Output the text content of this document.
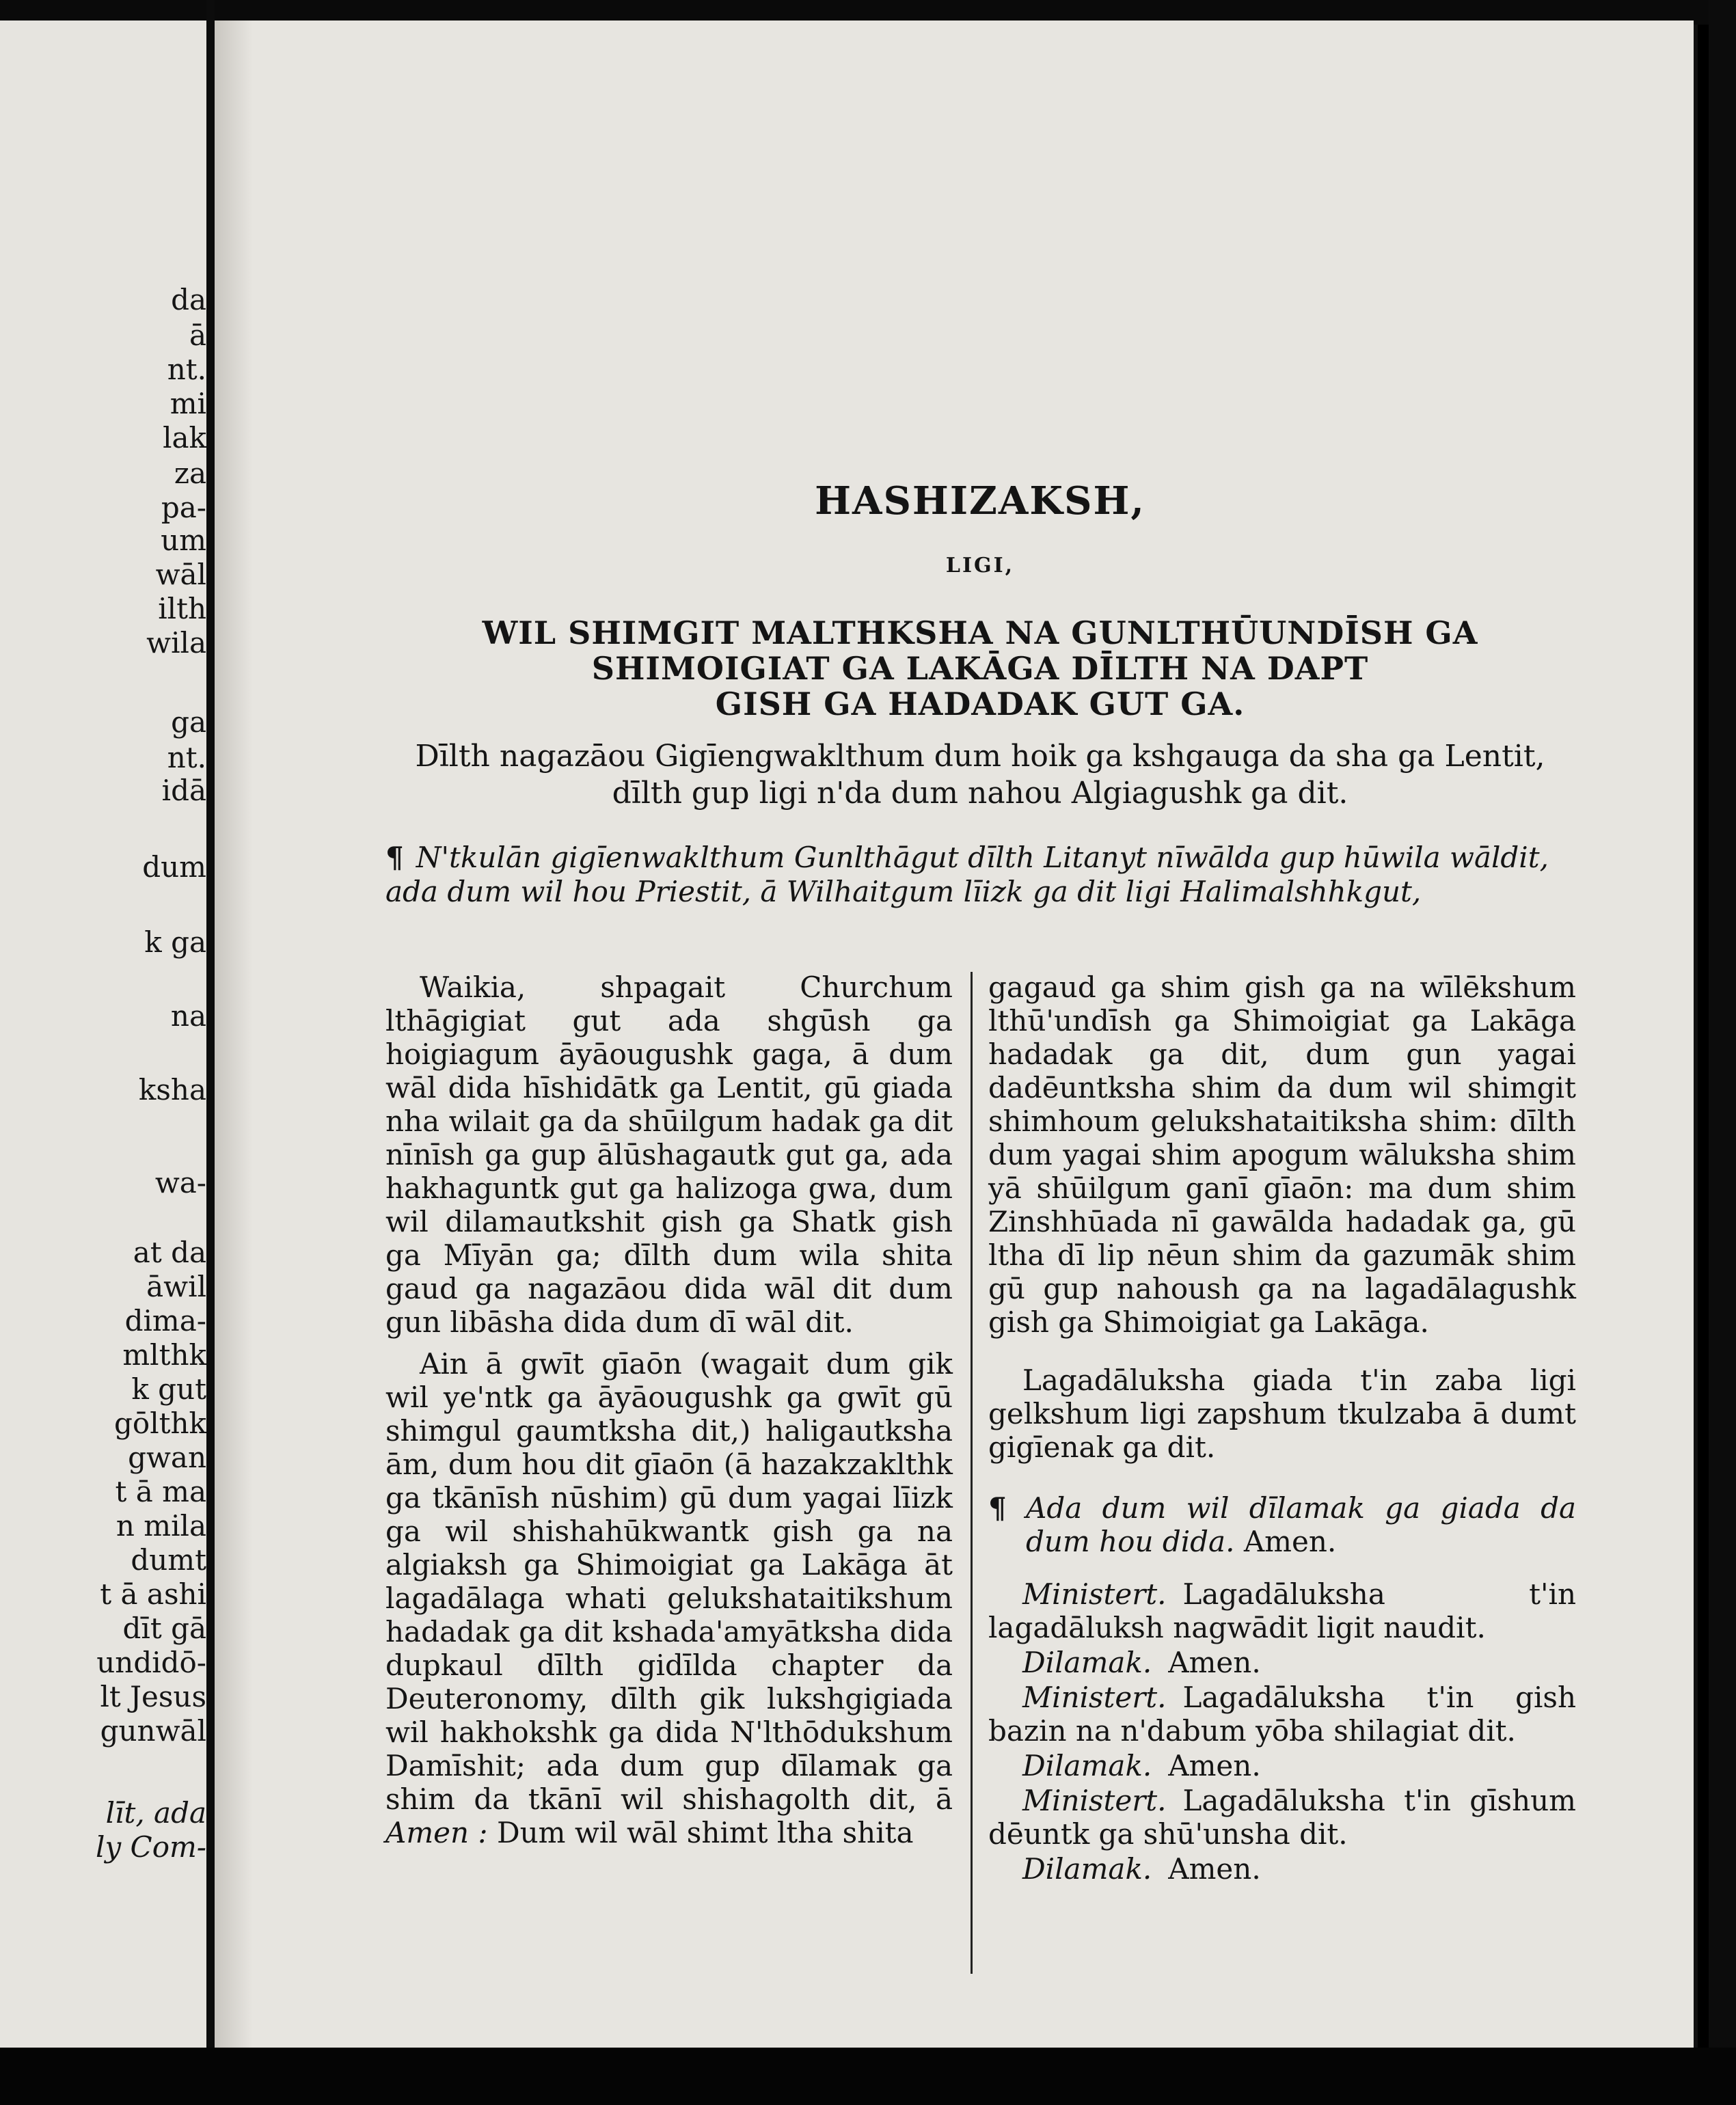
da
ā
nt.
mi
lak
za
pa-
um
wāl
ilth
wila
ga
nt.
idā
dum
k ga
na
ksha
wa-
at da
āwil
dima-
mlthk
k gut
gōlthk
gwan
t ā ma
n mila
dumt
t ā ashi
dīt gā
undidō-
lt Jesus
gunwāl
līt, ada
ly Com-
HASHIZAKSH,
LIGI,
WIL SHIMGIT MALTHKSHA NA GUNLTHŪUNDĪSH GA
SHIMOIGIAT GA LAKĀGA DĪLTH NA DAPT
GISH GA HADADAK GUT GA.
Dīlth nagazāou Gigīengwaklthum dum hoik ga kshgauga da sha ga Lentit,
dīlth gup ligi n'da dum nahou Algiagushk ga dit.
¶ N'tkulān gigīenwaklthum Gunlthāgut dīlth Litanyt nīwālda gup hūwila wāldit, ada dum wil hou Priestit, ā Wilhaitgum līizk ga dit ligi Halimalshhkgut,

Waikia, shpagait Churchum lthāgigiat gut ada shgūsh ga hoigiagum āyāougushk gaga, ā dum wāl dida hīshidātk ga Lentit, gū giada nha wilait ga da shūilgum hadak ga dit nīnīsh ga gup ālūshagautk gut ga, ada hakhaguntk gut ga halizoga gwa, dum wil dilamautkshit gish ga Shatk gish ga Mīyān ga; dīlth dum wila shita gaud ga nagazāou dida wāl dit dum gun libāsha dida dum dī wāl dit.

Ain ā gwīt gīaōn (wagait dum gik wil ye'ntk ga āyāougushk ga gwīt gū shimgul gaumtksha dit,) haligautksha ām, dum hou dit gīaōn (ā hazakzaklthk ga tkānīsh nūshim) gū dum yagai līizk ga wil shishahūkwantk gish ga na algiaksh ga Shimoigiat ga Lakāga āt lagadālaga whati gelukshataitikshum hadadak ga dit kshada'amyātksha dida dupkaul dīlth gidīlda chapter da Deuteronomy, dīlth gik lukshgigiada wil hakhokshk ga dida N'lthōdukshum Damīshit; ada dum gup dīlamak ga shim da tkānī wil shishagolth dit, ā Amen : Dum wil wāl shimt ltha shita

gagaud ga shim gish ga na wīlēkshum lthū'undīsh ga Shimoigiat ga Lakāga hadadak ga dit, dum gun yagai dadēuntksha shim da dum wil shimgit shimhoum gelukshataitiksha shim: dīlth dum yagai shim apogum wāluksha shim yā shūilgum ganī gīaōn: ma dum shim Zinshhūada nī gawālda hadadak ga, gū ltha dī lip nēun shim da gazumāk shim gū gup nahoush ga na lagadālagushk gish ga Shimoigiat ga Lakāga.

Lagadāluksha giada t'in zaba ligi gelkshum ligi zapshum tkulzaba ā dumt gigīenak ga dit.

¶ Ada dum wil dīlamak ga giada da dum hou dida. Amen.

Ministert. Lagadāluksha t'in lagadāluksh nagwādit ligit naudit.

Dilamak. Amen.

Ministert. Lagadāluksha t'in gish bazin na n'dabum yōba shilagiat dit.

Dilamak. Amen.

Ministert. Lagadāluksha t'in gīshum dēuntk ga shū'unsha dit.

Dilamak. Amen.
